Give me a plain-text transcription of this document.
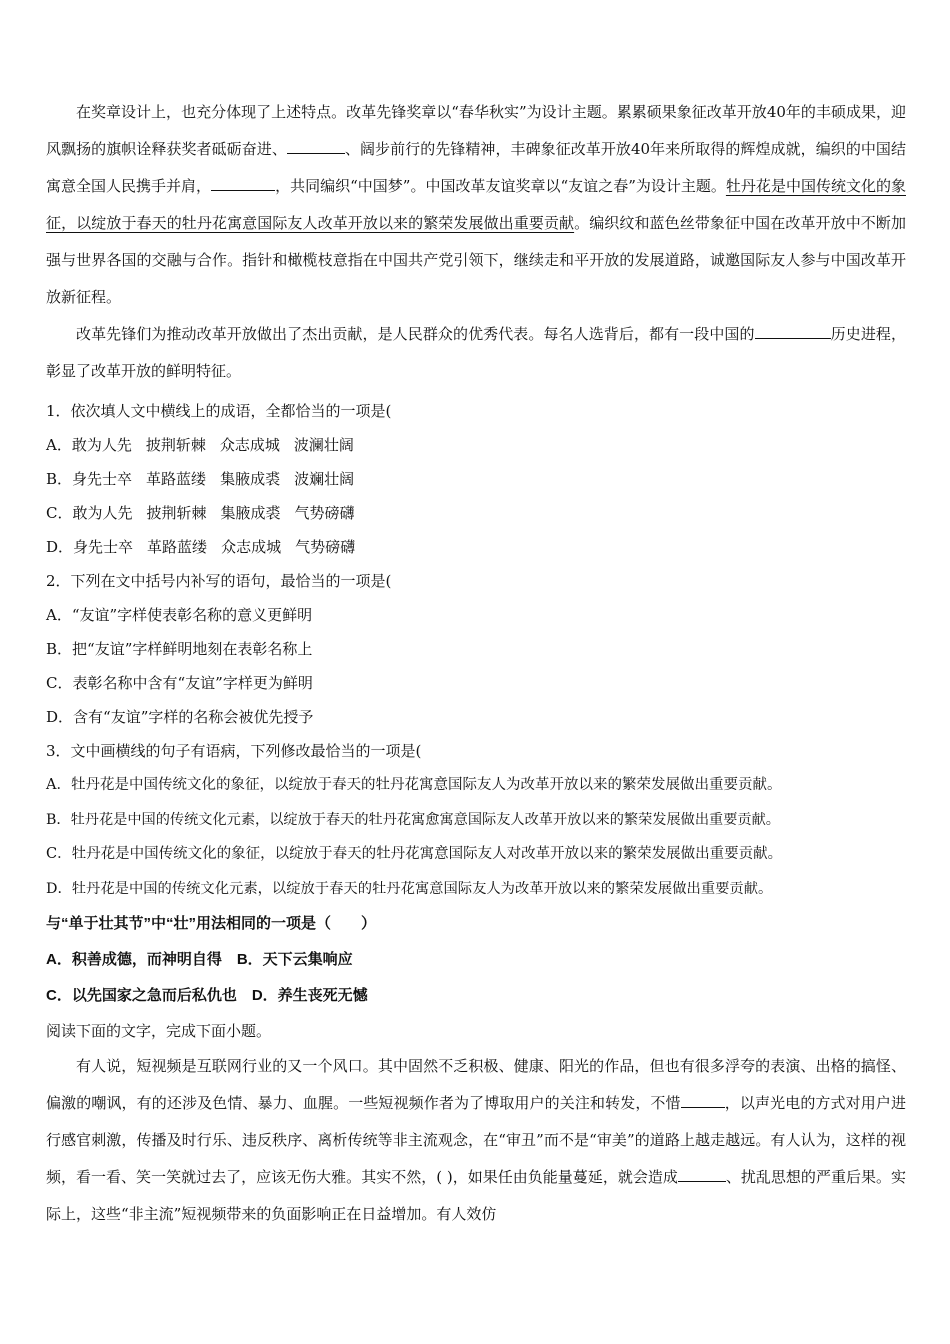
在奖章设计上，也充分体现了上述特点。改革先锋奖章以“春华秋实”为设计主题。累累硕果象征改革开放40年的丰硕成果，迎风飘扬的旗帜诠释获奖者砥砺奋进、	、阔步前行的先锋精神，丰碑象征改革开放40年来所取得的辉煌成就，编织的中国结寓意全国人民携手并肩，	，共同编织“中国梦”。中国改革友谊奖章以“友谊之春”为设计主题。牡丹花是中国传统文化的象征，以绽放于春天的牡丹花寓意国际友人改革开放以来的繁荣发展做出重要贡献。编织纹和蓝色丝带象征中国在改革开放中不断加强与世界各国的交融与合作。指针和橄榄枝意指在中国共产党引领下，继续走和平开放的发展道路，诚邀国际友人参与中国改革开放新征程。

改革先锋们为推动改革开放做出了杰出贡献，是人民群众的优秀代表。每名人选背后，都有一段中国的	历史进程，彰显了改革开放的鲜明特征。

1．依次填人文中横线上的成语，全都恰当的一项是(

A．敢为人先 披荆斩棘 众志成城 波澜壮阔

B．身先士卒 革路蓝缕 集腋成裘 波斓壮阔

C．敢为人先 披荆斩棘 集腋成裘 气势磅礴

D．身先士卒 革路蓝缕 众志成城 气势磅礴

2．下列在文中括号内补写的语句，最恰当的一项是(

A．“友谊”字样使表彰名称的意义更鲜明

B．把“友谊”字样鲜明地刻在表彰名称上

C．表彰名称中含有“友谊”字样更为鲜明

D．含有“友谊”字样的名称会被优先授予

3．文中画横线的句子有语病，下列修改最恰当的一项是(

A．牡丹花是中国传统文化的象征，以绽放于春天的牡丹花寓意国际友人为改革开放以来的繁荣发展做出重要贡献。

B．牡丹花是中国的传统文化元素，以绽放于春天的牡丹花寓愈寓意国际友人改革开放以来的繁荣发展做出重要贡献。

C．牡丹花是中国传统文化的象征，以绽放于春天的牡丹花寓意国际友人对改革开放以来的繁荣发展做出重要贡献。

D．牡丹花是中国的传统文化元素，以绽放于春天的牡丹花寓意国际友人为改革开放以来的繁荣发展做出重要贡献。

与“单于壮其节”中“壮”用法相同的一项是（　　）

A．积善成德，而神明自得　B．天下云集响应

C．以先国家之急而后私仇也　D．养生丧死无憾

阅读下面的文字，完成下面小题。

有人说，短视频是互联网行业的又一个风口。其中固然不乏积极、健康、阳光的作品，但也有很多浮夸的表演、出格的搞怪、偏激的嘲讽，有的还涉及色情、暴力、血腥。一些短视频作者为了博取用户的关注和转发，不惜	，以声光电的方式对用户进行感官刺激，传播及时行乐、违反秩序、离析传统等非主流观念，在“审丑”而不是“审美”的道路上越走越远。有人认为，这样的视频，看一看、笑一笑就过去了，应该无伤大雅。其实不然，( )，如果任由负能量蔓延，就会造成	、扰乱思想的严重后果。实际上，这些“非主流”短视频带来的负面影响正在日益增加。有人效仿
